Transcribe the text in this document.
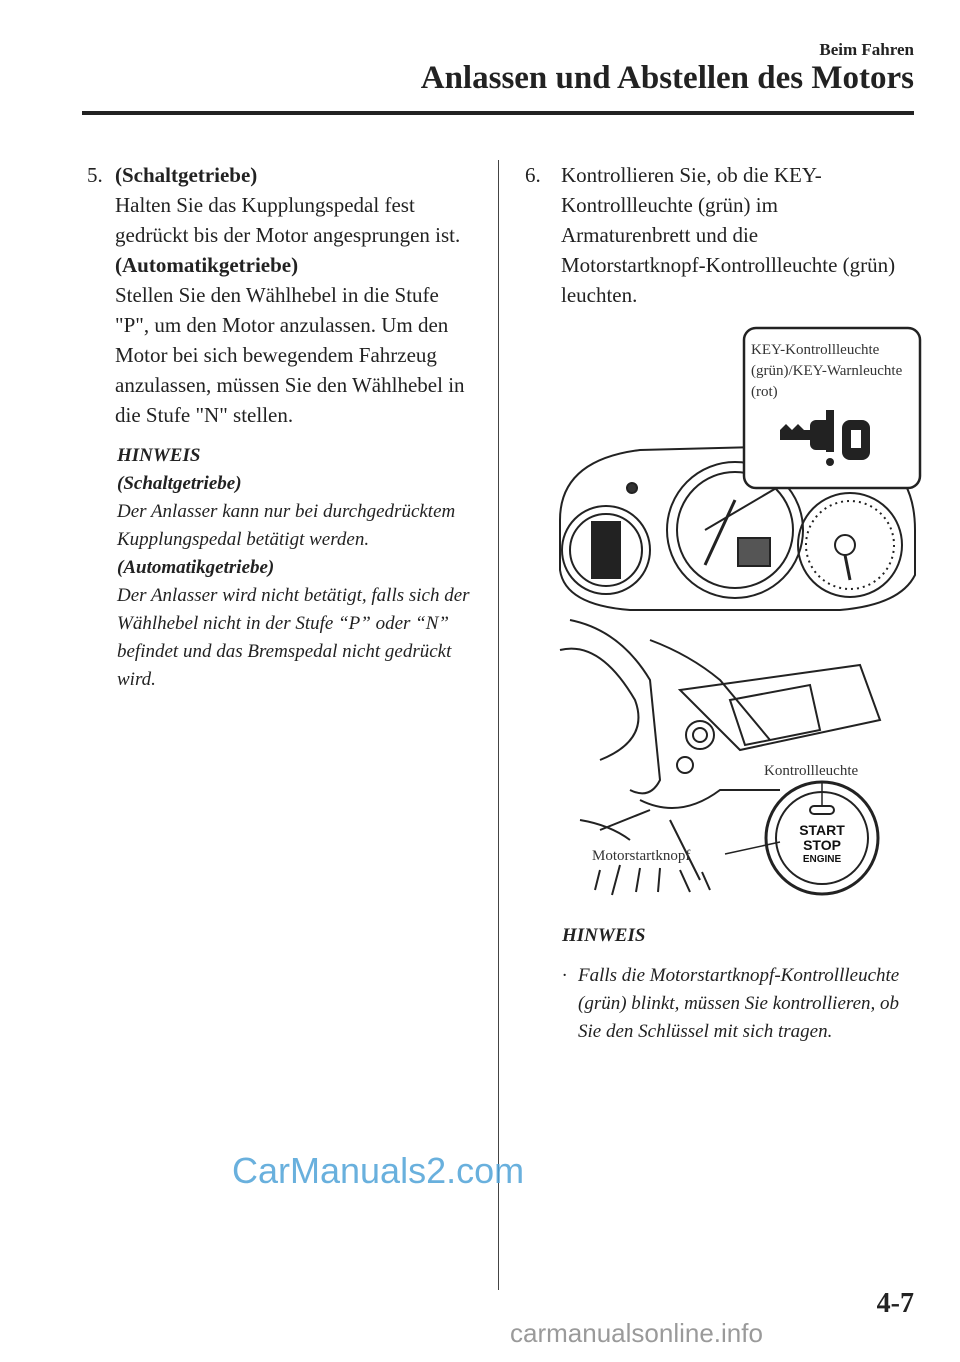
Beim Fahren
Anlassen und Abstellen des Motors
5. (Schaltgetriebe)
Halten Sie das Kupplungspedal fest gedrückt bis der Motor angesprungen ist.
(Automatikgetriebe)
Stellen Sie den Wählhebel in die Stufe "P", um den Motor anzulassen. Um den Motor bei sich bewegendem Fahrzeug anzulassen, müssen Sie den Wählhebel in die Stufe "N" stellen.
HINWEIS
(Schaltgetriebe)
Der Anlasser kann nur bei durchgedrücktem Kupplungspedal betätigt werden.
(Automatikgetriebe)
Der Anlasser wird nicht betätigt, falls sich der Wählhebel nicht in der Stufe “P” oder “N” befindet und das Bremspedal nicht gedrückt wird.
6. Kontrollieren Sie, ob die KEY-Kontrollleuchte (grün) im Armaturenbrett und die Motorstartknopf-Kontrollleuchte (grün) leuchten.
KEY-Kontrollleuchte
(grün)/KEY-Warnleuchte
(rot)
START
STOP
ENGINE
Kontrollleuchte
Motorstartknopf
HINWEIS
· Falls die Motorstartknopf-Kontrollleuchte (grün) blinkt, müssen Sie kontrollieren, ob Sie den Schlüssel mit sich tragen.
4-7
CarManuals2.com
carmanualsonline.info
